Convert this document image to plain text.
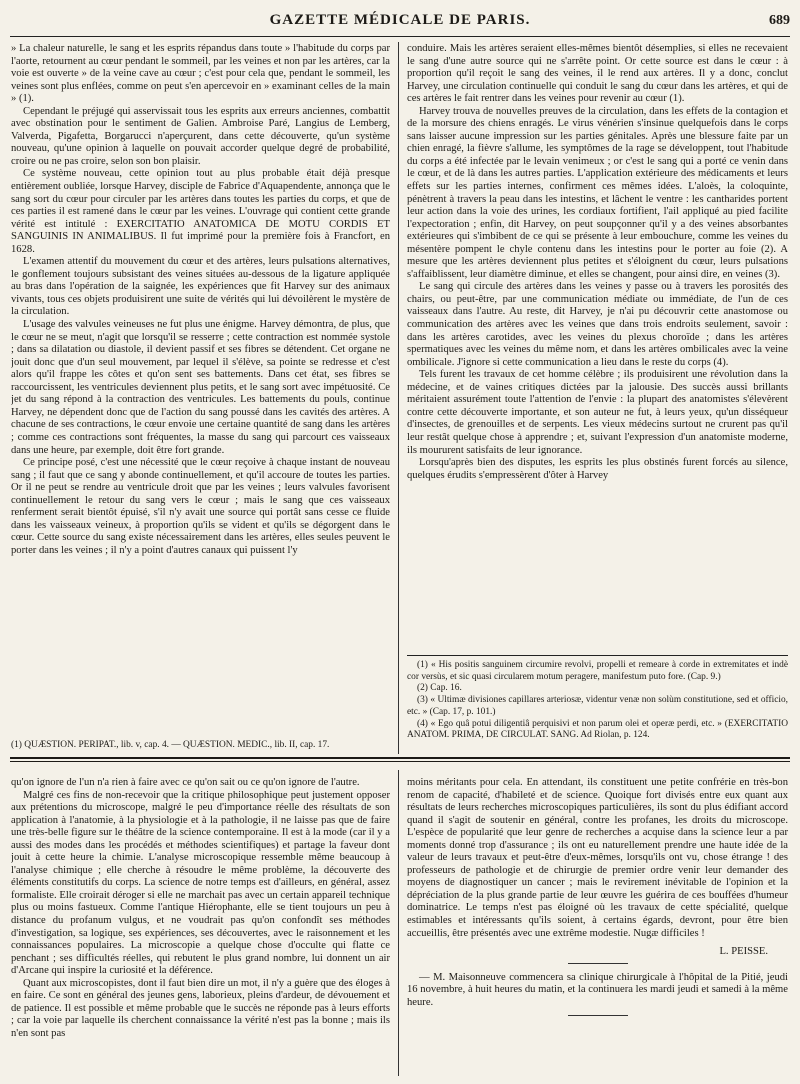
GAZETTE MÉDICALE DE PARIS.	689

» La chaleur naturelle, le sang et les esprits répandus dans toute » l'habitude du corps par l'aorte, retournent au cœur pendant le sommeil, par les veines et non par les artères, car la voie est ouverte » de la veine cave au cœur ; c'est pour cela que, pendant le sommeil, les veines sont plus enflées, comme on peut s'en apercevoir en » examinant celles de la main » (1).

Cependant le préjugé qui asservissait tous les esprits aux erreurs anciennes, combattit avec obstination pour le sentiment de Galien. Ambroise Paré, Langius de Lemberg, Valverda, Pigafetta, Borgarucci n'aperçurent, dans cette découverte, qu'un système nouveau, qu'une opinion à laquelle on pouvait accorder quelque degré de probabilité, croire ou ne pas croire, selon son bon plaisir.

Ce système nouveau, cette opinion tout au plus probable était déjà presque entièrement oubliée, lorsque Harvey, disciple de Fabrice d'Aquapendente, annonça que le sang sort du cœur pour circuler par les artères dans toutes les parties du corps, et que de ces parties il est ramené dans le cœur par les veines. L'ouvrage qui contient cette grande vérité est intitulé : EXERCITATIO ANATOMICA DE MOTU CORDIS ET SANGUINIS IN ANIMALIBUS. Il fut imprimé pour la première fois à Francfort, en 1628.

L'examen attentif du mouvement du cœur et des artères, leurs pulsations alternatives, le gonflement toujours subsistant des veines situées au-dessous de la ligature appliquée au bras dans l'opération de la saignée, les expériences que fit Harvey sur des animaux vivants, tous ces objets produisirent une suite de vérités qui lui dévoilèrent le mystère de la circulation.

L'usage des valvules veineuses ne fut plus une énigme. Harvey démontra, de plus, que le cœur ne se meut, n'agit que lorsqu'il se resserre ; cette contraction est nommée systole ; dans sa dilatation ou diastole, il devient passif et ses fibres se détendent. Cet organe ne jouit donc que d'un seul mouvement, par lequel il s'élève, sa pointe se redresse et c'est alors qu'il frappe les côtes et qu'on sent ses battements. Dans cet état, ses fibres se raccourcissent, les ventricules deviennent plus petits, et le sang sort avec impétuosité. Ce jet du sang répond à la contraction des ventricules. Les battements du pouls, continue Harvey, ne dépendent donc que de l'action du sang poussé dans les cavités des artères. A chacune de ses contractions, le cœur envoie une certaine quantité de sang dans les artères ; comme ces contractions sont fréquentes, la masse du sang qui parcourt ces vaisseaux dans une heure, par exemple, doit être fort grande.

Ce principe posé, c'est une nécessité que le cœur reçoive à chaque instant de nouveau sang ; il faut que ce sang y abonde continuellement, et qu'il accoure de toutes les parties. Or il ne peut se rendre au ventricule droit que par les veines ; leurs valvules favorisent continuellement le retour du sang vers le cœur ; mais le sang que ces vaisseaux renferment serait bientôt épuisé, s'il n'y avait une source qui portât sans cesse ce fluide dans les vaisseaux veineux, à proportion qu'ils se vident et qu'ils se dégorgent dans le cœur. Cette source du sang existe nécessairement dans les artères, elles seules peuvent le porter dans les veines ; il n'y a point d'autres canaux qui puissent l'y

conduire. Mais les artères seraient elles-mêmes bientôt désemplies, si elles ne recevaient le sang d'une autre source qui ne s'arrête point. Or cette source est dans le cœur : à proportion qu'il reçoit le sang des veines, il le rend aux artères. Il y a donc, conclut Harvey, une circulation continuelle qui conduit le sang du cœur dans les artères, et qui de ces artères le fait rentrer dans les veines pour revenir au cœur (1).

Harvey trouva de nouvelles preuves de la circulation, dans les effets de la contagion et de la morsure des chiens enragés. Le virus vénérien s'insinue quelquefois dans le corps sans laisser aucune impression sur les parties génitales. Après une blessure faite par un chien enragé, la fièvre s'allume, les symptômes de la rage se développent, tout l'habitude du corps a été infectée par le levain venimeux ; or c'est le sang qui a porté ce venin dans le cœur, et de là dans les autres parties. L'application extérieure des médicaments et leurs effets sur les parties internes, confirment ces mêmes idées. L'aloès, la coloquinte, pénètrent à travers la peau dans les intestins, et lâchent le ventre : les cantharides portent leur action dans la voie des urines, les cordiaux fortifient, l'ail appliqué au pied facilite l'expectoration ; enfin, dit Harvey, on peut soupçonner qu'il y a des veines absorbantes extérieures qui s'imbibent de ce qui se présente à leur embouchure, comme les veines du mésentère pompent le chyle contenu dans les intestins pour le porter au foie (2). A mesure que les artères deviennent plus petites et s'éloignent du cœur, leurs pulsations s'affaiblissent, leur diamètre diminue, et elles se changent, pour ainsi dire, en veines (3).

Le sang qui circule des artères dans les veines y passe ou à travers les porosités des chairs, ou peut-être, par une communication médiate ou immédiate, de l'un de ces vaisseaux dans l'autre. Au reste, dit Harvey, je n'ai pu découvrir cette anastomose ou communication des artères avec les veines que dans trois endroits seulement, savoir : dans les artères carotides, avec les veines du plexus choroïde ; dans les artères spermatiques avec les veines du même nom, et dans les artères ombilicales avec la veine ombilicale. J'ignore si cette communication a lieu dans le reste du corps (4).

Tels furent les travaux de cet homme célèbre ; ils produisirent une révolution dans la médecine, et de vaines critiques dictées par la jalousie. Des succès aussi brillants méritaient assurément toute l'attention de l'envie : la plupart des anatomistes s'élevèrent contre cette découverte importante, et son auteur ne fut, à leurs yeux, qu'un disséqueur d'insectes, de grenouilles et de serpents. Les vieux médecins surtout ne crurent pas qu'il leur restât quelque chose à apprendre ; et, suivant l'expression d'un anatomiste moderne, ils moururent satisfaits de leur ignorance.

Lorsqu'après bien des disputes, les esprits les plus obstinés furent forcés au silence, quelques érudits s'empressèrent d'ôter à Harvey

(1) « His positis sanguinem circumire revolvi, propelli et remeare à corde in extremitates et indè cor versùs, et sic quasi circularem motum peragere, manifestum puto fore. (Cap. 9.)

(2) Cap. 16.

(3) « Ultimæ divisiones capillares arteriosæ, videntur venæ non solùm constitutione, sed et officio, etc. » (Cap. 17, p. 101.)

(4) « Ego quâ potui diligentiâ perquisivi et non parum olei et operæ perdi, etc. » (EXERCITATIO ANATOM. PRIMA, DE CIRCULAT. SANG. Ad Riolan, p. 124.

(1) QUÆSTION. PERIPAT., lib. v, cap. 4. — QUÆSTION. MEDIC., lib. II, cap. 17.

qu'on ignore de l'un n'a rien à faire avec ce qu'on sait ou ce qu'on ignore de l'autre.

Malgré ces fins de non-recevoir que la critique philosophique peut justement opposer aux prétentions du microscope, malgré le peu d'importance réelle des résultats de son application à l'anatomie, à la physiologie et à la pathologie, il ne laisse pas que de faire une très-belle figure sur le théâtre de la science contemporaine. Il est à la mode (car il y a aussi des modes dans les procédés et méthodes scientifiques) et partage la faveur dont jouit à cette heure la chimie. L'analyse microscopique ressemble même beaucoup à l'analyse chimique ; elle cherche à résoudre le même problème, la découverte des éléments constitutifs du corps. La science de notre temps est d'ailleurs, en général, assez formaliste. Elle croirait déroger si elle ne marchait pas avec un certain appareil technique plus ou moins fastueux. Comme l'antique Hiérophante, elle se tient toujours un peu à distance du profanum vulgus, et ne voudrait pas qu'on confondît ses méthodes d'investigation, sa logique, ses expériences, ses découvertes, avec le raisonnement et les connaissances populaires. La microscopie a quelque chose d'occulte qui flatte ce penchant ; ses difficultés réelles, qui rebutent le plus grand nombre, lui donnent un air d'Arcane qui inspire la curiosité et la déférence.

Quant aux microscopistes, dont il faut bien dire un mot, il n'y a guère que des éloges à en faire. Ce sont en général des jeunes gens, laborieux, pleins d'ardeur, de dévouement et de patience. Il est possible et même probable que le succès ne réponde pas à leurs efforts ; car la voie par laquelle ils cherchent connaissance la vérité n'est pas la bonne ; mais ils n'en sont pas

moins méritants pour cela. En attendant, ils constituent une petite confrérie en très-bon renom de capacité, d'habileté et de science. Quoique fort divisés entre eux quant aux résultats de leurs recherches microscopiques particulières, ils sont du plus édifiant accord quand il s'agit de soutenir en général, contre les profanes, les droits du microscope. L'espèce de popularité que leur genre de recherches a acquise dans la science leur a par moments donné trop d'assurance ; ils ont eu naturellement prendre une haute idée de la valeur de leurs travaux et peut-être d'eux-mêmes, lorsqu'ils ont vu, chose étrange ! des professeurs de pathologie et de chirurgie de premier ordre venir leur demander des moyens de diagnostiquer un cancer ; mais le revirement inévitable de l'opinion et la dépréciation de la plus grande partie de leur œuvre les guérira de ces bouffées d'humeur dominatrice. Le temps n'est pas éloigné où les travaux de cette spécialité, quelque estimables et intéressants qu'ils soient, à certains égards, devront, pour être bien accueillis, être présentés avec une extrême modestie. Nugæ difficiles !

L. PEISSE.

— M. Maisonneuve commencera sa clinique chirurgicale à l'hôpital de la Pitié, jeudi 16 novembre, à huit heures du matin, et la continuera les mardi jeudi et samedi à la même heure.
